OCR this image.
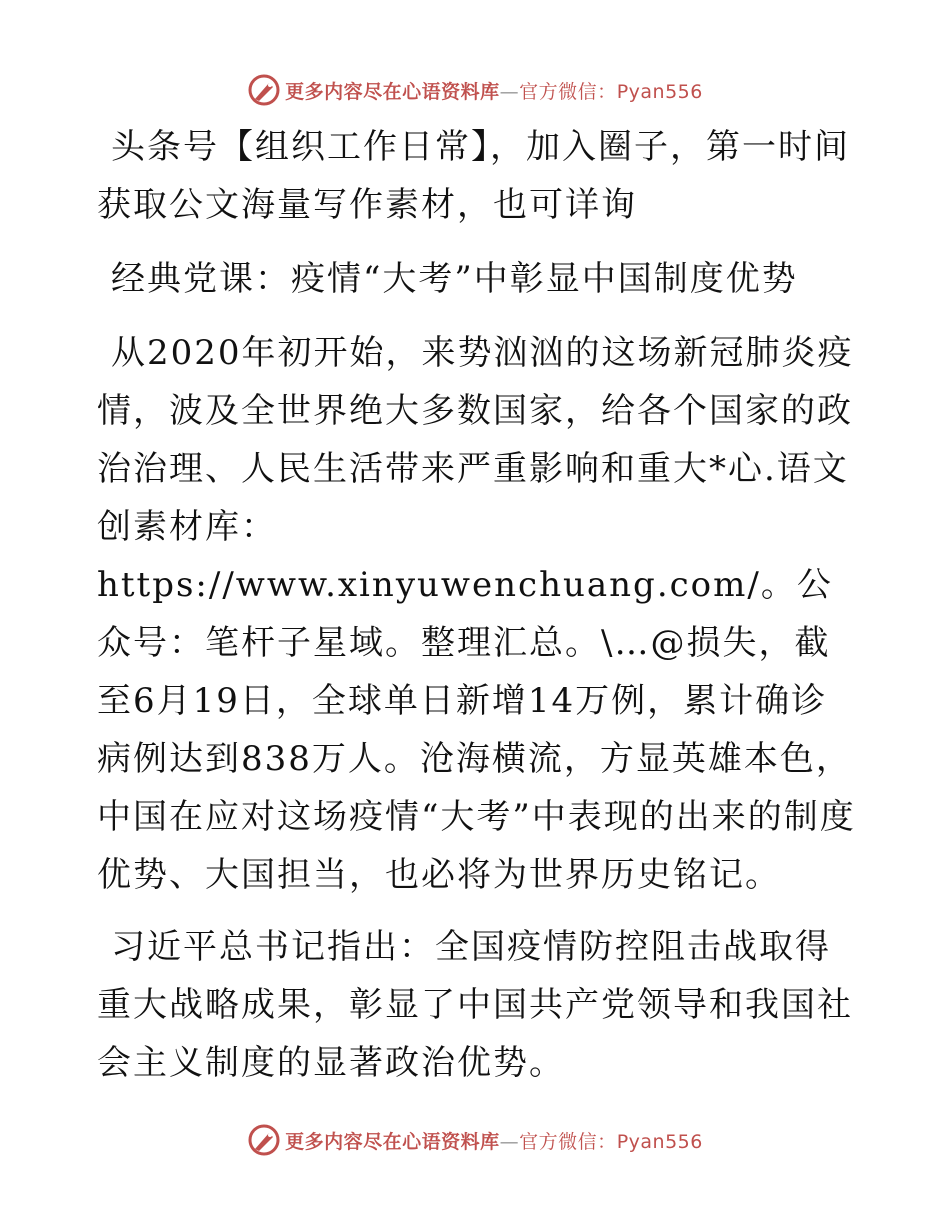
更多内容尽在心语资料库—官方微信：Pyan556

头条号【组织工作日常】，加入圈子，第一时间获取公文海量写作素材，也可详询

经典党课：疫情“大考”中彰显中国制度优势

从2020年初开始，来势汹汹的这场新冠肺炎疫情，波及全世界绝大多数国家，给各个国家的政治治理、人民生活带来严重影响和重大*心.语文创素材库：https://www.xinyuwenchuang.com/。公众号：笔杆子星域。整理汇总。\…@损失，截至6月19日，全球单日新增14万例，累计确诊病例达到838万人。沧海横流，方显英雄本色，中国在应对这场疫情“大考”中表现的出来的制度优势、大国担当，也必将为世界历史铭记。

习近平总书记指出：全国疫情防控阻击战取得重大战略成果，彰显了中国共产党领导和我国社会主义制度的显著政治优势。

更多内容尽在心语资料库—官方微信：Pyan556
